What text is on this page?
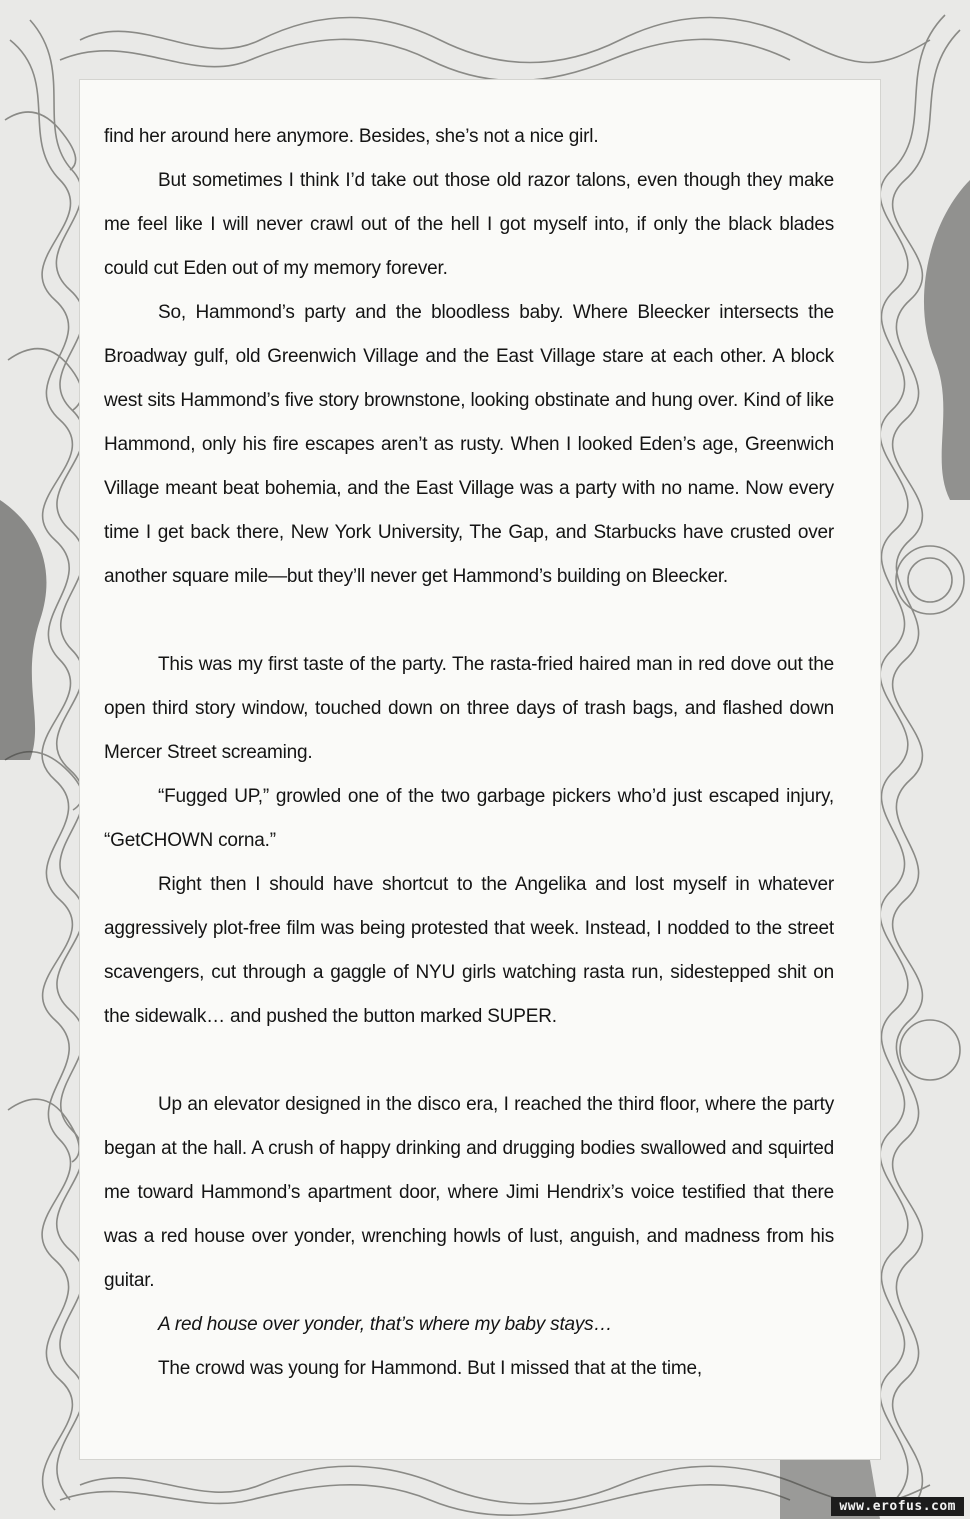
find her around here anymore. Besides, she’s not a nice girl.

But sometimes I think I’d take out those old razor talons, even though they make me feel like I will never crawl out of the hell I got myself into, if only the black blades could cut Eden out of my memory forever.

So, Hammond’s party and the bloodless baby. Where Bleecker intersects the Broadway gulf, old Greenwich Village and the East Village stare at each other. A block west sits Hammond’s five story brownstone, looking obstinate and hung over. Kind of like Hammond, only his fire escapes aren’t as rusty. When I looked Eden’s age, Greenwich Village meant beat bohemia, and the East Village was a party with no name. Now every time I get back there, New York University, The Gap, and Starbucks have crusted over another square mile—but they’ll never get Hammond’s building on Bleecker.

This was my first taste of the party. The rasta-fried haired man in red dove out the open third story window, touched down on three days of trash bags, and flashed down Mercer Street screaming.

“Fugged UP,” growled one of the two garbage pickers who’d just escaped injury, “GetCHOWN corna.”

Right then I should have shortcut to the Angelika and lost myself in whatever aggressively plot-free film was being protested that week. Instead, I nodded to the street scavengers, cut through a gaggle of NYU girls watching rasta run, sidestepped shit on the sidewalk… and pushed the button marked SUPER.

Up an elevator designed in the disco era, I reached the third floor, where the party began at the hall. A crush of happy drinking and drugging bodies swallowed and squirted me toward Hammond’s apartment door, where Jimi Hendrix’s voice testified that there was a red house over yonder, wrenching howls of lust, anguish, and madness from his guitar.

A red house over yonder, that’s where my baby stays…

The crowd was young for Hammond. But I missed that at the time,

www.erofus.com
